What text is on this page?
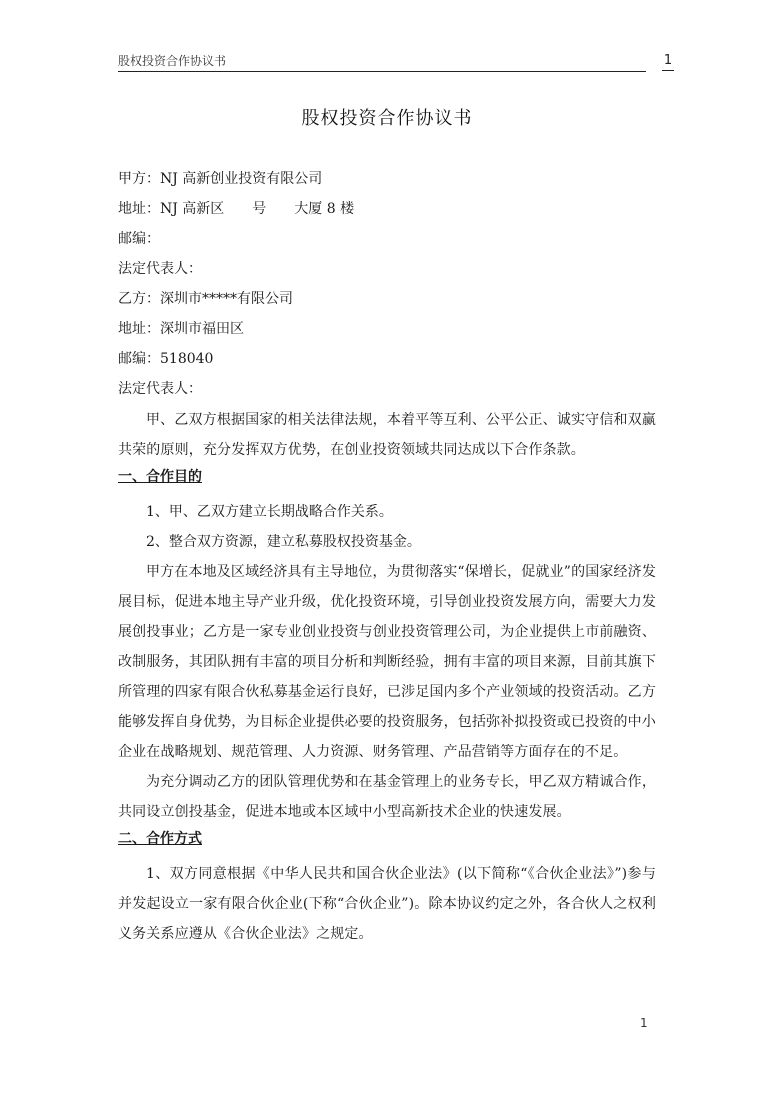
股权投资合作协议书	1
股权投资合作协议书
甲方：NJ 高新创业投资有限公司
地址：NJ 高新区　　号　　大厦 8 楼
邮编：
法定代表人：
乙方：深圳市*****有限公司
地址：深圳市福田区
邮编：518040
法定代表人：
甲、乙双方根据国家的相关法律法规，本着平等互利、公平公正、诚实守信和双赢共荣的原则，充分发挥双方优势，在创业投资领域共同达成以下合作条款。
一、合作目的
1、甲、乙双方建立长期战略合作关系。
2、整合双方资源，建立私募股权投资基金。
甲方在本地及区域经济具有主导地位，为贯彻落实“保增长，促就业”的国家经济发展目标，促进本地主导产业升级，优化投资环境，引导创业投资发展方向，需要大力发展创投事业；乙方是一家专业创业投资与创业投资管理公司，为企业提供上市前融资、改制服务，其团队拥有丰富的项目分析和判断经验，拥有丰富的项目来源，目前其旗下所管理的四家有限合伙私募基金运行良好，已涉足国内多个产业领域的投资活动。乙方能够发挥自身优势，为目标企业提供必要的投资服务，包括弥补拟投资或已投资的中小企业在战略规划、规范管理、人力资源、财务管理、产品营销等方面存在的不足。
为充分调动乙方的团队管理优势和在基金管理上的业务专长，甲乙双方精诚合作，共同设立创投基金，促进本地或本区域中小型高新技术企业的快速发展。
二、合作方式
1、双方同意根据《中华人民共和国合伙企业法》(以下简称“《合伙企业法》”)参与并发起设立一家有限合伙企业(下称“合伙企业”)。除本协议约定之外，各合伙人之权利义务关系应遵从《合伙企业法》之规定。
1
